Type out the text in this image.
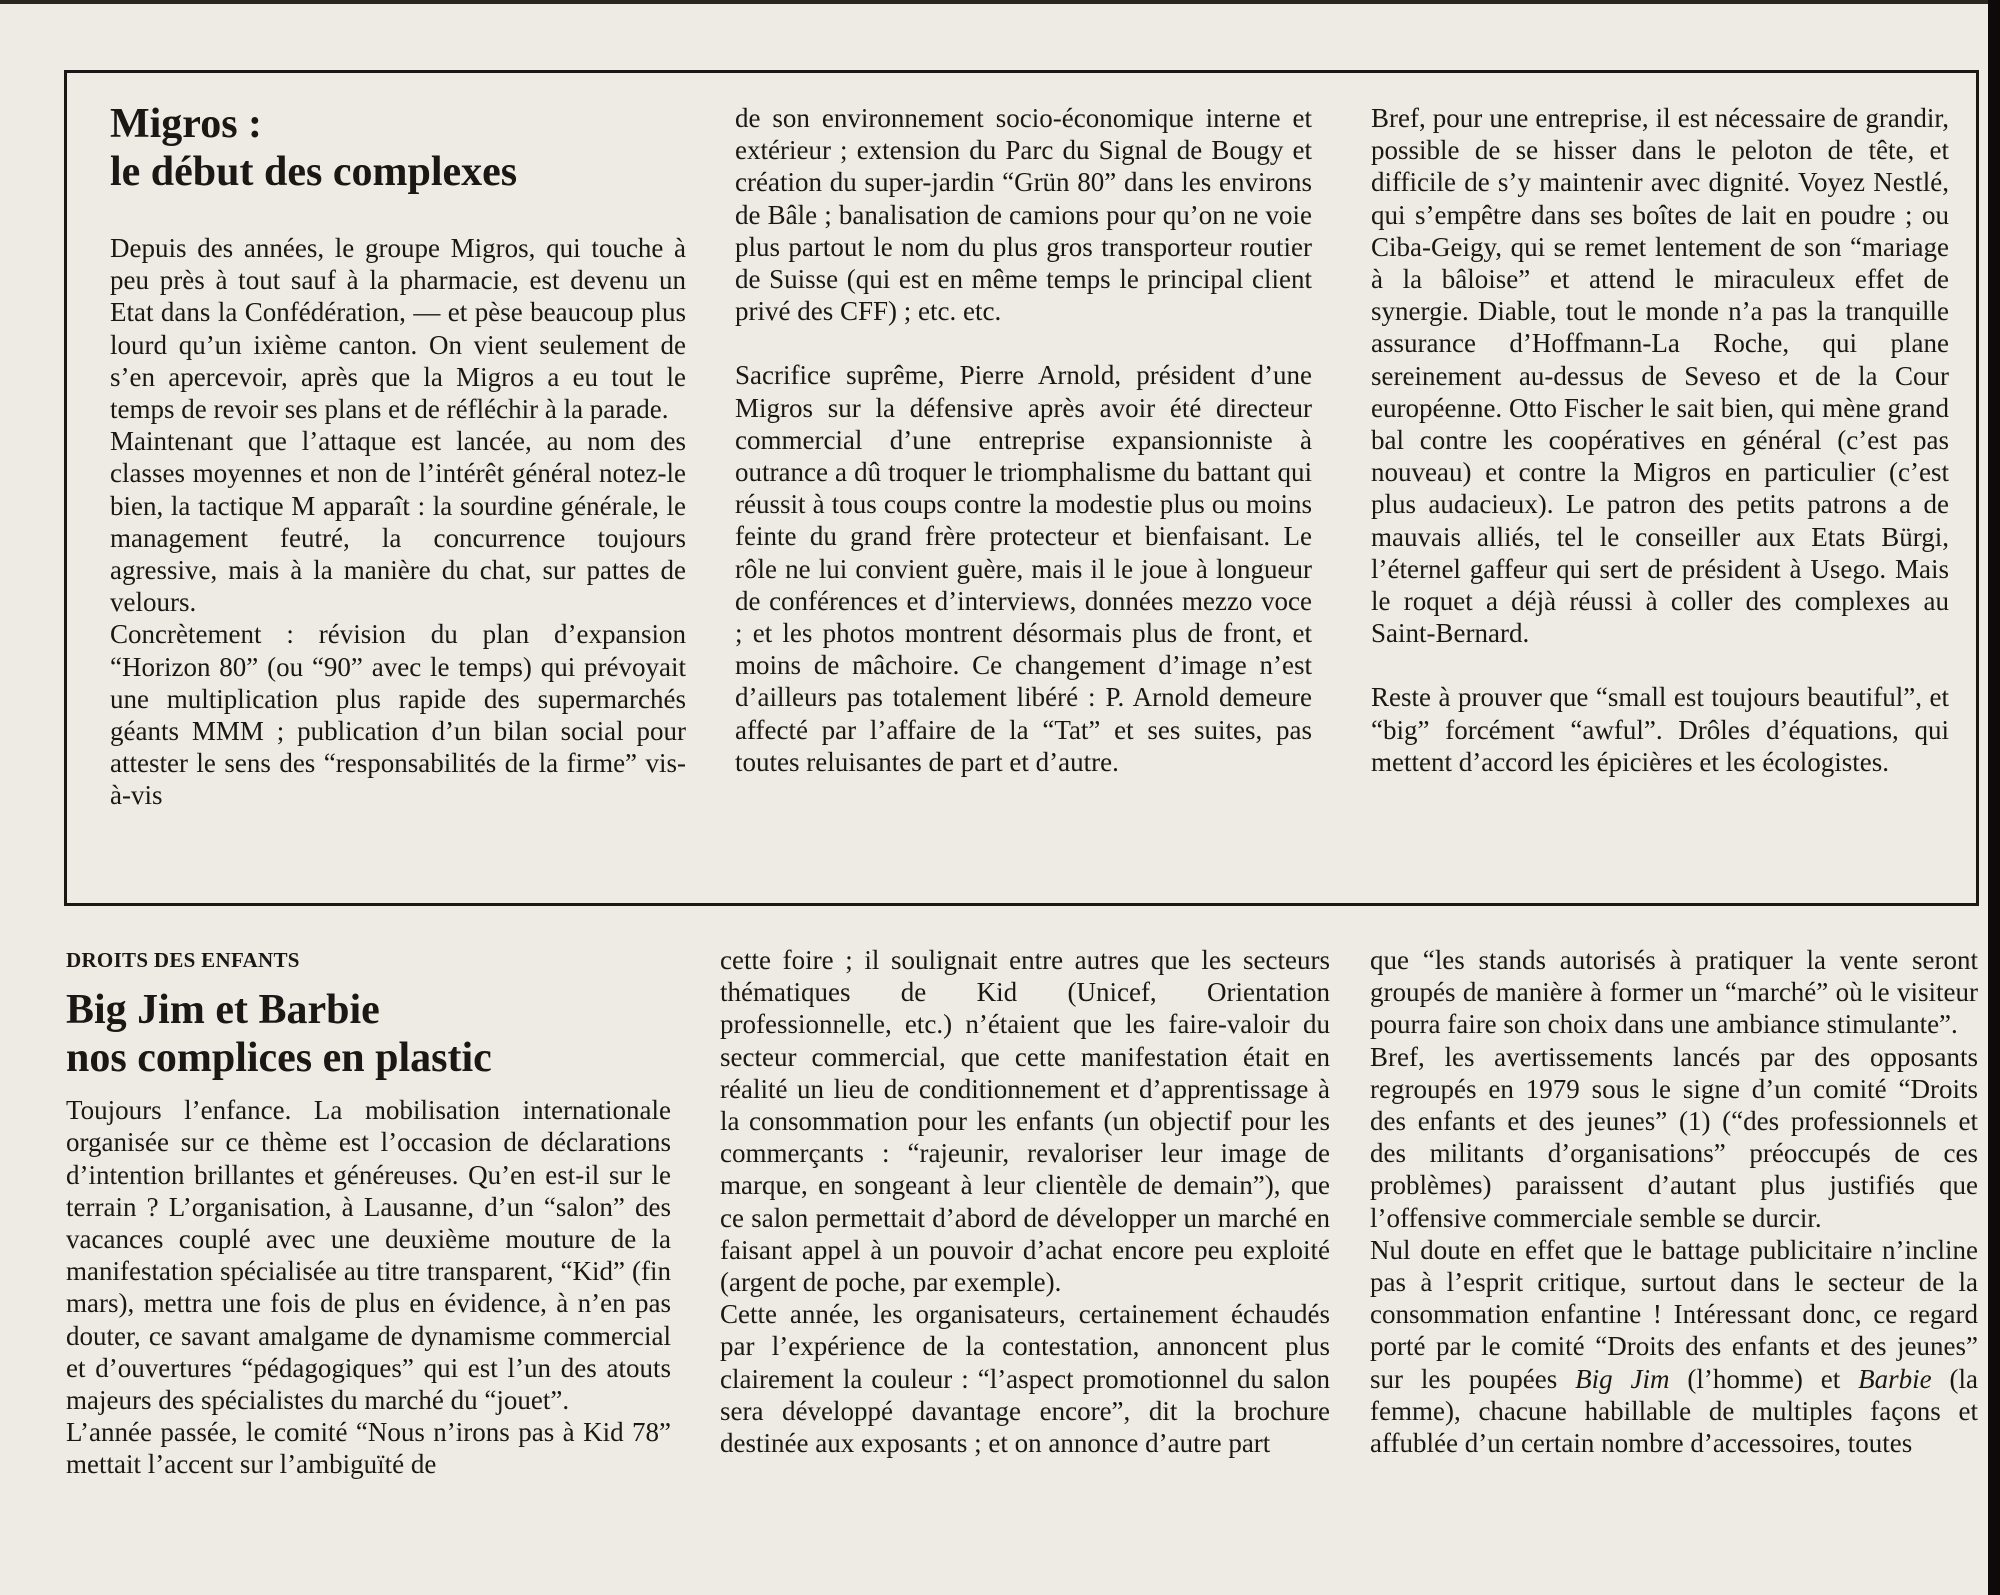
Migros :
le début des complexes

Depuis des années, le groupe Migros, qui touche à peu près à tout sauf à la pharmacie, est devenu un Etat dans la Confédération, — et pèse beaucoup plus lourd qu’un ixième canton. On vient seulement de s’en apercevoir, après que la Migros a eu tout le temps de revoir ses plans et de réfléchir à la parade.

Maintenant que l’attaque est lancée, au nom des classes moyennes et non de l’intérêt général notez-le bien, la tactique M apparaît : la sourdine générale, le management feutré, la concurrence toujours agressive, mais à la manière du chat, sur pattes de velours.

Concrètement : révision du plan d’expansion “Horizon 80” (ou “90” avec le temps) qui prévoyait une multiplication plus rapide des supermarchés géants MMM ; publication d’un bilan social pour attester le sens des “responsabilités de la firme” vis-à-vis

de son environnement socio-économique interne et extérieur ; extension du Parc du Signal de Bougy et création du super-jardin “Grün 80” dans les environs de Bâle ; banalisation de camions pour qu’on ne voie plus partout le nom du plus gros transporteur routier de Suisse (qui est en même temps le principal client privé des CFF) ; etc. etc.

Sacrifice suprême, Pierre Arnold, président d’une Migros sur la défensive après avoir été directeur commercial d’une entreprise expansionniste à outrance a dû troquer le triomphalisme du battant qui réussit à tous coups contre la modestie plus ou moins feinte du grand frère protecteur et bienfaisant. Le rôle ne lui convient guère, mais il le joue à longueur de conférences et d’interviews, données mezzo voce ; et les photos montrent désormais plus de front, et moins de mâchoire. Ce changement d’image n’est d’ailleurs pas totalement libéré : P. Arnold demeure affecté par l’affaire de la “Tat” et ses suites, pas toutes reluisantes de part et d’autre.

Bref, pour une entreprise, il est nécessaire de grandir, possible de se hisser dans le peloton de tête, et difficile de s’y maintenir avec dignité. Voyez Nestlé, qui s’empêtre dans ses boîtes de lait en poudre ; ou Ciba-Geigy, qui se remet lentement de son “mariage à la bâloise” et attend le miraculeux effet de synergie. Diable, tout le monde n’a pas la tranquille assurance d’Hoffmann-La Roche, qui plane sereinement au-dessus de Seveso et de la Cour européenne. Otto Fischer le sait bien, qui mène grand bal contre les coopératives en général (c’est pas nouveau) et contre la Migros en particulier (c’est plus audacieux). Le patron des petits patrons a de mauvais alliés, tel le conseiller aux Etats Bürgi, l’éternel gaffeur qui sert de président à Usego. Mais le roquet a déjà réussi à coller des complexes au Saint-Bernard.

Reste à prouver que “small est toujours beautiful”, et “big” forcément “awful”. Drôles d’équations, qui mettent d’accord les épicières et les écologistes.

DROITS DES ENFANTS
Big Jim et Barbie
nos complices en plastic

Toujours l’enfance. La mobilisation internationale organisée sur ce thème est l’occasion de déclarations d’intention brillantes et généreuses. Qu’en est-il sur le terrain ? L’organisation, à Lausanne, d’un “salon” des vacances couplé avec une deuxième mouture de la manifestation spécialisée au titre transparent, “Kid” (fin mars), mettra une fois de plus en évidence, à n’en pas douter, ce savant amalgame de dynamisme commercial et d’ouvertures “pédagogiques” qui est l’un des atouts majeurs des spécialistes du marché du “jouet”.

L’année passée, le comité “Nous n’irons pas à Kid 78” mettait l’accent sur l’ambiguïté de

cette foire ; il soulignait entre autres que les secteurs thématiques de Kid (Unicef, Orientation professionnelle, etc.) n’étaient que les faire-valoir du secteur commercial, que cette manifestation était en réalité un lieu de conditionnement et d’apprentissage à la consommation pour les enfants (un objectif pour les commerçants : “rajeunir, revaloriser leur image de marque, en songeant à leur clientèle de demain”), que ce salon permettait d’abord de développer un marché en faisant appel à un pouvoir d’achat encore peu exploité (argent de poche, par exemple).

Cette année, les organisateurs, certainement échaudés par l’expérience de la contestation, annoncent plus clairement la couleur : “l’aspect promotionnel du salon sera développé davantage encore”, dit la brochure destinée aux exposants ; et on annonce d’autre part

que “les stands autorisés à pratiquer la vente seront groupés de manière à former un “marché” où le visiteur pourra faire son choix dans une ambiance stimulante”.

Bref, les avertissements lancés par des opposants regroupés en 1979 sous le signe d’un comité “Droits des enfants et des jeunes” (1) (“des professionnels et des militants d’organisations” préoccupés de ces problèmes) paraissent d’autant plus justifiés que l’offensive commerciale semble se durcir.

Nul doute en effet que le battage publicitaire n’incline pas à l’esprit critique, surtout dans le secteur de la consommation enfantine ! Intéressant donc, ce regard porté par le comité “Droits des enfants et des jeunes” sur les poupées Big Jim (l’homme) et Barbie (la femme), chacune habillable de multiples façons et affublée d’un certain nombre d’accessoires, toutes
